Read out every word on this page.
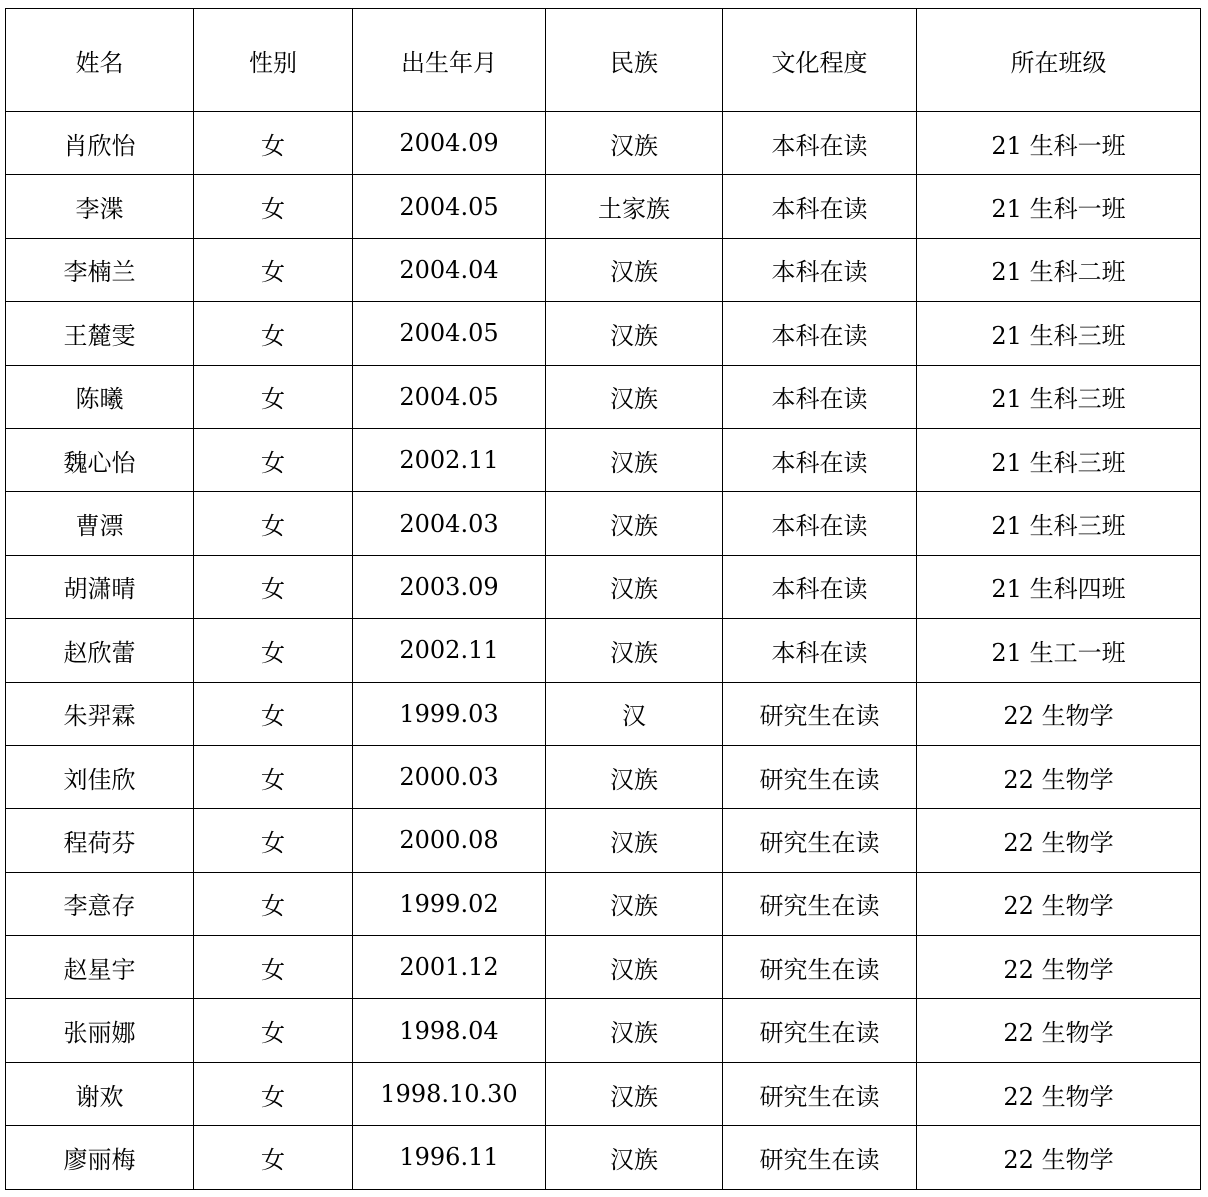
姓名	性别	出生年月	民族	文化程度	所在班级
肖欣怡	女	2004.09	汉族	本科在读	21 生科一班
李渫	女	2004.05	土家族	本科在读	21 生科一班
李楠兰	女	2004.04	汉族	本科在读	21 生科二班
王麓雯	女	2004.05	汉族	本科在读	21 生科三班
陈曦	女	2004.05	汉族	本科在读	21 生科三班
魏心怡	女	2002.11	汉族	本科在读	21 生科三班
曹漂	女	2004.03	汉族	本科在读	21 生科三班
胡潇晴	女	2003.09	汉族	本科在读	21 生科四班
赵欣蕾	女	2002.11	汉族	本科在读	21 生工一班
朱羿霖	女	1999.03	汉	研究生在读	22 生物学
刘佳欣	女	2000.03	汉族	研究生在读	22 生物学
程荷芬	女	2000.08	汉族	研究生在读	22 生物学
李意存	女	1999.02	汉族	研究生在读	22 生物学
赵星宇	女	2001.12	汉族	研究生在读	22 生物学
张丽娜	女	1998.04	汉族	研究生在读	22 生物学
谢欢	女	1998.10.30	汉族	研究生在读	22 生物学
廖丽梅	女	1996.11	汉族	研究生在读	22 生物学
